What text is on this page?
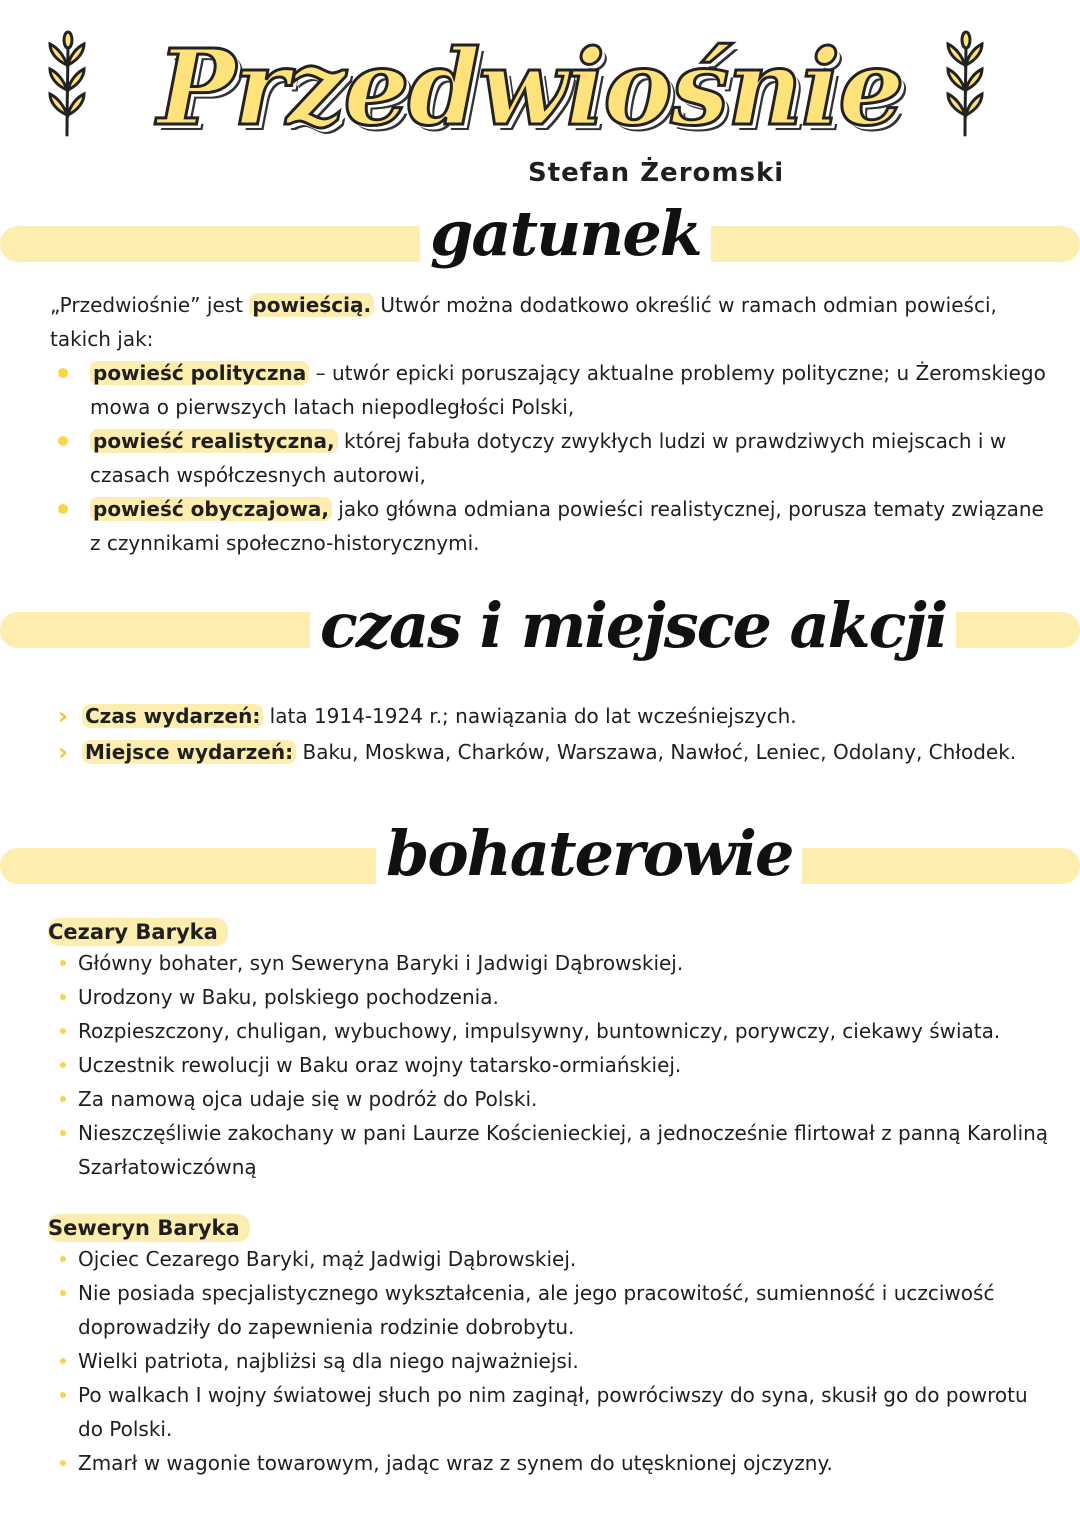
Przedwiośnie
Stefan Żeromski
gatunek

„Przedwiośnie” jest powieścią. Utwór można dodatkowo określić w ramach odmian powieści, takich jak:

powieść polityczna – utwór epicki poruszający aktualne problemy polityczne; u Żeromskiego mowa o pierwszych latach niepodległości Polski,
powieść realistyczna, której fabuła dotyczy zwykłych ludzi w prawdziwych miejscach i w czasach współczesnych autorowi,
powieść obyczajowa, jako główna odmiana powieści realistycznej, porusza tematy związane z czynnikami społeczno-historycznymi.
czas i miejsce akcji
› Czas wydarzeń: lata 1914-1924 r.; nawiązania do lat wcześniejszych.
› Miejsce wydarzeń: Baku, Moskwa, Charków, Warszawa, Nawłoć, Leniec, Odolany, Chłodek.
bohaterowie
Cezary Baryka
Główny bohater, syn Seweryna Baryki i Jadwigi Dąbrowskiej.
Urodzony w Baku, polskiego pochodzenia.
Rozpieszczony, chuligan, wybuchowy, impulsywny, buntowniczy, porywczy, ciekawy świata.
Uczestnik rewolucji w Baku oraz wojny tatarsko-ormiańskiej.
Za namową ojca udaje się w podróż do Polski.
Nieszczęśliwie zakochany w pani Laurze Kościenieckiej, a jednocześnie flirtował z panną Karoliną Szarłatowiczówną
Seweryn Baryka
Ojciec Cezarego Baryki, mąż Jadwigi Dąbrowskiej.
Nie posiada specjalistycznego wykształcenia, ale jego pracowitość, sumienność i uczciwość doprowadziły do zapewnienia rodzinie dobrobytu.
Wielki patriota, najbliżsi są dla niego najważniejsi.
Po walkach I wojny światowej słuch po nim zaginął, powróciwszy do syna, skusił go do powrotu do Polski.
Zmarł w wagonie towarowym, jadąc wraz z synem do utęsknionej ojczyzny.
